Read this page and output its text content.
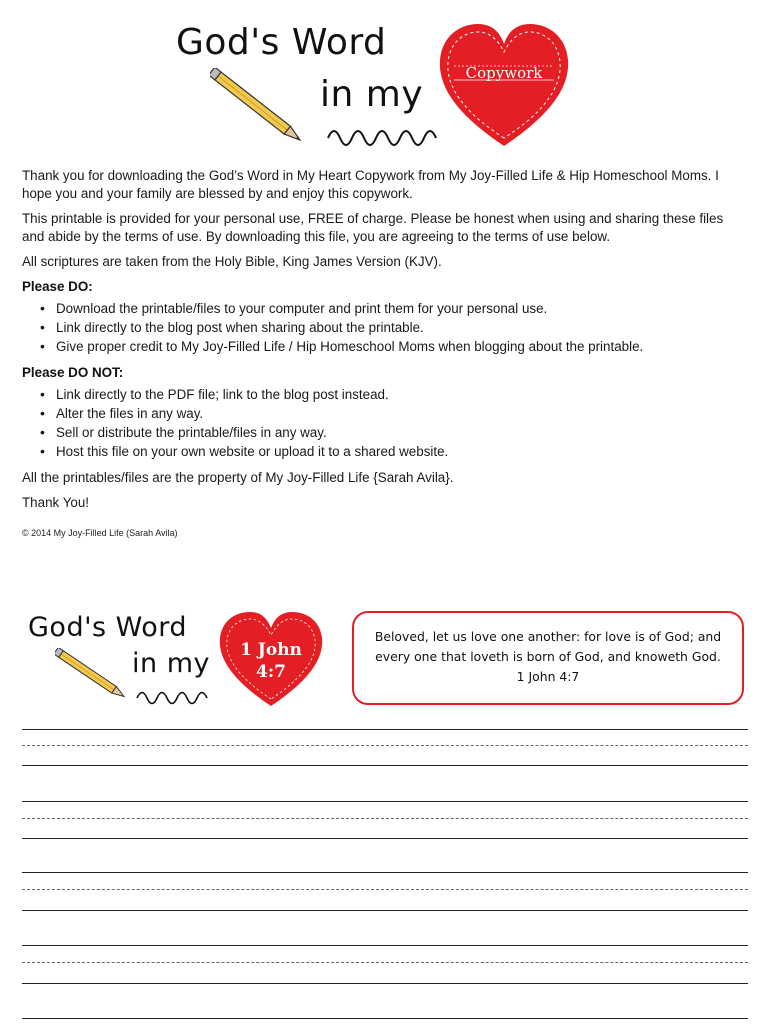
God's Word
in my
Copywork

Thank you for downloading the God’s Word in My Heart Copywork from My Joy-Filled Life & Hip Homeschool Moms. I hope you and your family are blessed by and enjoy this copywork.

This printable is provided for your personal use, FREE of charge. Please be honest when using and sharing these files and abide by the terms of use. By downloading this file, you are agreeing to the terms of use below.

All scriptures are taken from the Holy Bible, King James Version (KJV).

Please DO:
• Download the printable/files to your computer and print them for your personal use.
• Link directly to the blog post when sharing about the printable.
• Give proper credit to My Joy-Filled Life / Hip Homeschool Moms when blogging about the printable.
Please DO NOT:
• Link directly to the PDF file; link to the blog post instead.
• Alter the files in any way.
• Sell or distribute the printable/files in any way.
• Host this file on your own website or upload it to a shared website.

All the printables/files are the property of My Joy-Filled Life {Sarah Avila}.

Thank You!

© 2014 My Joy-Filled Life (Sarah Avila)
God's Word
in my 1 John
4:7
Beloved, let us love one another: for love is of God; and
every one that loveth is born of God, and knoweth God.
1 John 4:7
